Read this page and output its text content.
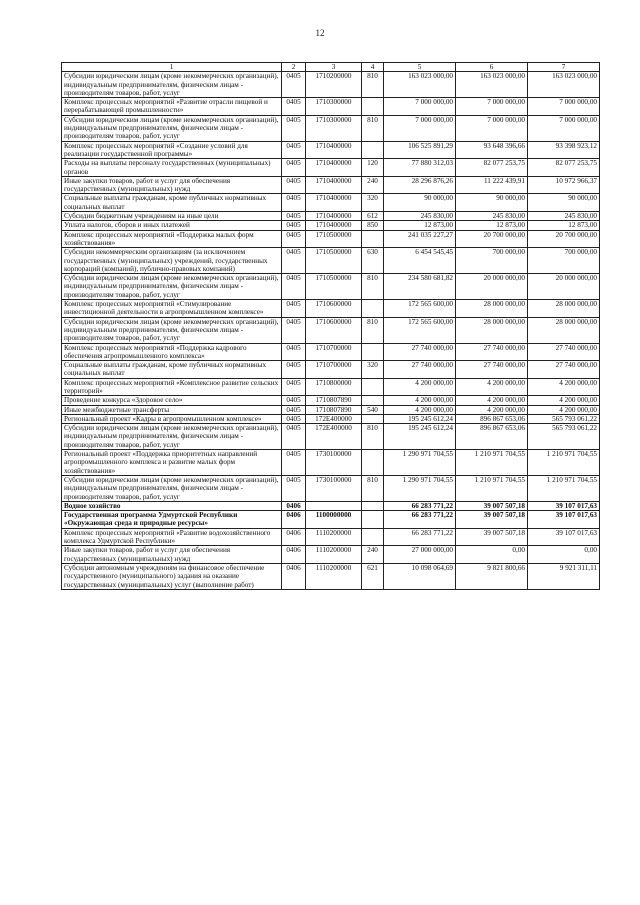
12
1	2	3	4	5	6	7
Субсидии юридическим лицам (кроме некоммерческих организаций), индивидуальным предпринимателям, физическим лицам - производителям товаров, работ, услуг	0405	1710200000	810	163 023 000,00	163 023 000,00	163 023 000,00
Комплекс процессных мероприятий «Развитие отрасли пищевой и перерабатывающей промышленности»	0405	1710300000		7 000 000,00	7 000 000,00	7 000 000,00
Субсидии юридическим лицам (кроме некоммерческих организаций), индивидуальным предпринимателям, физическим лицам - производителям товаров, работ, услуг	0405	1710300000	810	7 000 000,00	7 000 000,00	7 000 000,00
Комплекс процессных мероприятий «Создание условий для реализации государственной программы»	0405	1710400000		106 525 891,29	93 648 396,66	93 398 923,12
Расходы на выплаты персоналу государственных (муниципальных) органов	0405	1710400000	120	77 880 312,03	82 077 253,75	82 077 253,75
Иные закупки товаров, работ и услуг для обеспечения государственных (муниципальных) нужд	0405	1710400000	240	28 296 876,26	11 222 439,91	10 972 966,37
Социальные выплаты гражданам, кроме публичных нормативных социальных выплат	0405	1710400000	320	90 000,00	90 000,00	90 000,00
Субсидии бюджетным учреждениям на иные цели	0405	1710400000	612	245 830,00	245 830,00	245 830,00
Уплата налогов, сборов и иных платежей	0405	1710400000	850	12 873,00	12 873,00	12 873,00
Комплекс процессных мероприятий «Поддержка малых форм хозяйствования»	0405	1710500000		241 035 227,27	20 700 000,00	20 700 000,00
Субсидии некоммерческим организациям (за исключением государственных (муниципальных) учреждений, государственных корпораций (компаний), публично-правовых компаний)	0405	1710500000	630	6 454 545,45	700 000,00	700 000,00
Субсидии юридическим лицам (кроме некоммерческих организаций), индивидуальным предпринимателям, физическим лицам - производителям товаров, работ, услуг	0405	1710500000	810	234 580 681,82	20 000 000,00	20 000 000,00
Комплекс процессных мероприятий «Стимулирование инвестиционной деятельности в агропромышленном комплексе»	0405	1710600000		172 565 600,00	28 000 000,00	28 000 000,00
Субсидии юридическим лицам (кроме некоммерческих организаций), индивидуальным предпринимателям, физическим лицам - производителям товаров, работ, услуг	0405	1710600000	810	172 565 600,00	28 000 000,00	28 000 000,00
Комплекс процессных мероприятий «Поддержка кадрового обеспечения агропромышленного комплекса»	0405	1710700000		27 740 000,00	27 740 000,00	27 740 000,00
Социальные выплаты гражданам, кроме публичных нормативных социальных выплат	0405	1710700000	320	27 740 000,00	27 740 000,00	27 740 000,00
Комплекс процессных мероприятий «Комплексное развитие сельских территорий»	0405	1710800000		4 200 000,00	4 200 000,00	4 200 000,00
Проведение конкурса «Здоровое село»	0405	1710807890		4 200 000,00	4 200 000,00	4 200 000,00
Иные межбюджетные трансферты	0405	1710807890	540	4 200 000,00	4 200 000,00	4 200 000,00
Региональный проект «Кадры в агропромышленном комплексе»	0405	172E400000		195 245 612,24	896 867 653,06	565 793 061,22
Субсидии юридическим лицам (кроме некоммерческих организаций), индивидуальным предпринимателям, физическим лицам - производителям товаров, работ, услуг	0405	172E400000	810	195 245 612,24	896 867 653,06	565 793 061,22
Региональный проект «Поддержка приоритетных направлений агропромышленного комплекса и развитие малых форм хозяйствования»	0405	1730100000		1 290 971 704,55	1 210 971 704,55	1 210 971 704,55
Субсидии юридическим лицам (кроме некоммерческих организаций), индивидуальным предпринимателям, физическим лицам - производителям товаров, работ, услуг	0405	1730100000	810	1 290 971 704,55	1 210 971 704,55	1 210 971 704,55
Водное хозяйство	0406			66 283 771,22	39 007 507,18	39 107 017,63
Государственная программа Удмуртской Республики «Окружающая среда и природные ресурсы»	0406	1100000000		66 283 771,22	39 007 507,18	39 107 017,63
Комплекс процессных мероприятий «Развитие водохозяйственного комплекса Удмуртской Республики»	0406	1110200000		66 283 771,22	39 007 507,18	39 107 017,63
Иные закупки товаров, работ и услуг для обеспечения государственных (муниципальных) нужд	0406	1110200000	240	27 000 000,00	0,00	0,00
Субсидии автономным учреждениям на финансовое обеспечение государственного (муниципального) задания на оказание государственных (муниципальных) услуг (выполнение работ)	0406	1110200000	621	10 098 064,69	9 821 800,66	9 921 311,11
